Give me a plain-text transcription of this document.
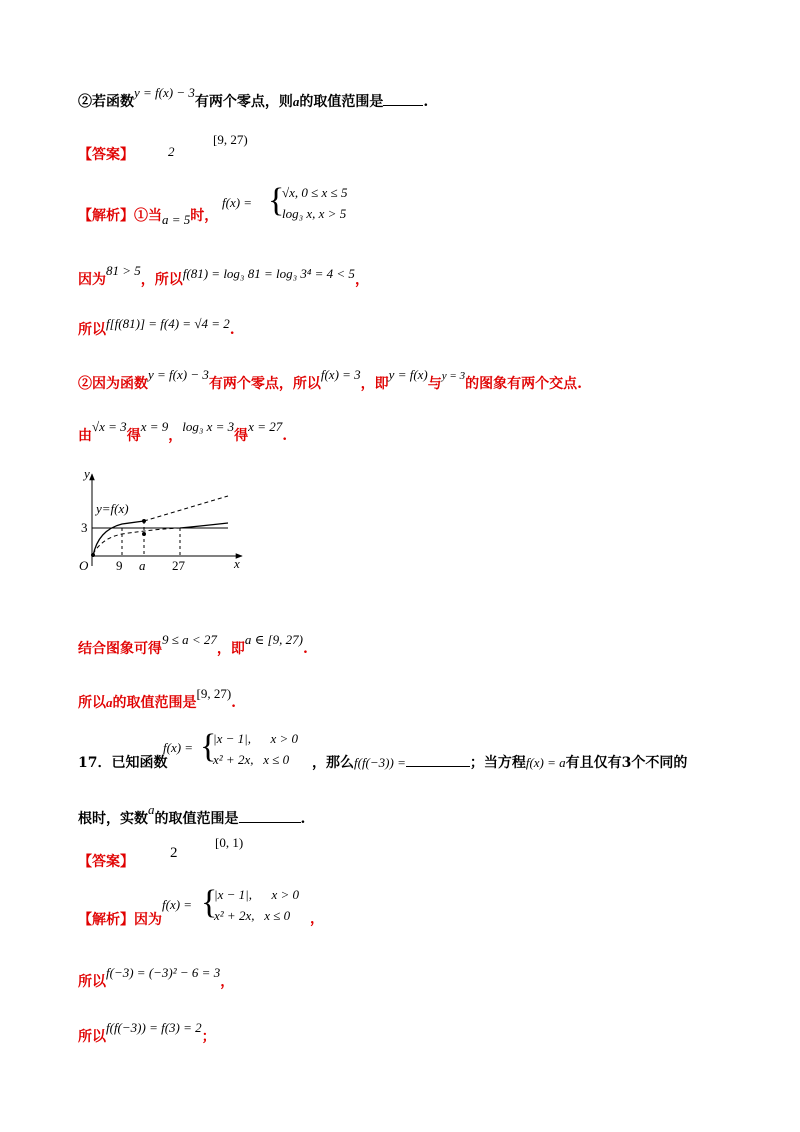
②若函数y = f(x) − 3有两个零点，则a的取值范围是	.
【答案】	2
[9, 27)
【解析】①当a = 5时，
f(x) = {
√x, 0 ≤ x ≤ 5
log₃ x, x > 5
因为81 > 5，所以f(81) = log₃ 81 = log₃ 3⁴ = 4 < 5，
所以f[f(81)] = f(4) = √4 = 2.
②因为函数y = f(x) − 3有两个零点，所以f(x) = 3，即y = f(x)与$^{y = 3}$的图象有两个交点.
由√x = 3得x = 9，log₃ x = 3得x = 27.
y
x
O
y=f(x)
3
9 a 27
结合图象可得9 ≤ a < 27，即a ∈ [9, 27).
所以a的取值范围是[9, 27).
17．已知函数
f(x) = {
|x − 1|,      x > 0
x² + 2x,   x ≤ 0 ，那么f(f(−3)) =	；当方程f(x) = a有且仅有3个不同的
根时，实数a的取值范围是	.
【答案】
2
[0, 1)
【解析】因为
f(x) = {
|x − 1|,      x > 0
x² + 2x,   x ≤ 0 ，
所以f(−3) = (−3)² − 6 = 3，
所以f(f(−3)) = f(3) = 2；
